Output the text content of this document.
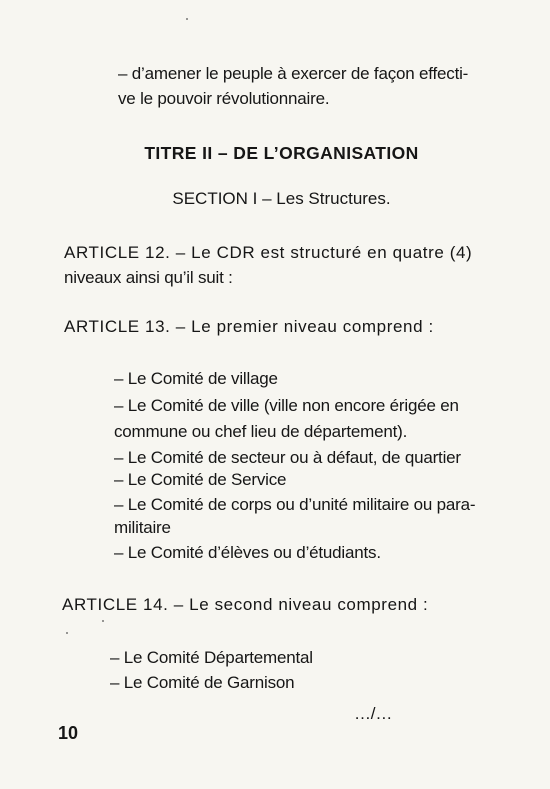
– d’amener le peuple à exercer de façon effecti-
ve le pouvoir révolutionnaire.
TITRE II – DE L’ORGANISATION
SECTION I – Les Structures.
ARTICLE 12. – Le CDR est structuré en quatre (4)
niveaux ainsi qu’il suit :
ARTICLE 13. – Le premier niveau comprend :
– Le Comité de village
– Le Comité de ville (ville non encore érigée en
commune ou chef lieu de département).
– Le Comité de secteur ou à défaut, de quartier
– Le Comité de Service
– Le Comité de corps ou d’unité militaire ou para-
militaire
– Le Comité d’élèves ou d’étudiants.
ARTICLE 14. – Le second niveau comprend :
– Le Comité Départemental
– Le Comité de Garnison
…/…
10
